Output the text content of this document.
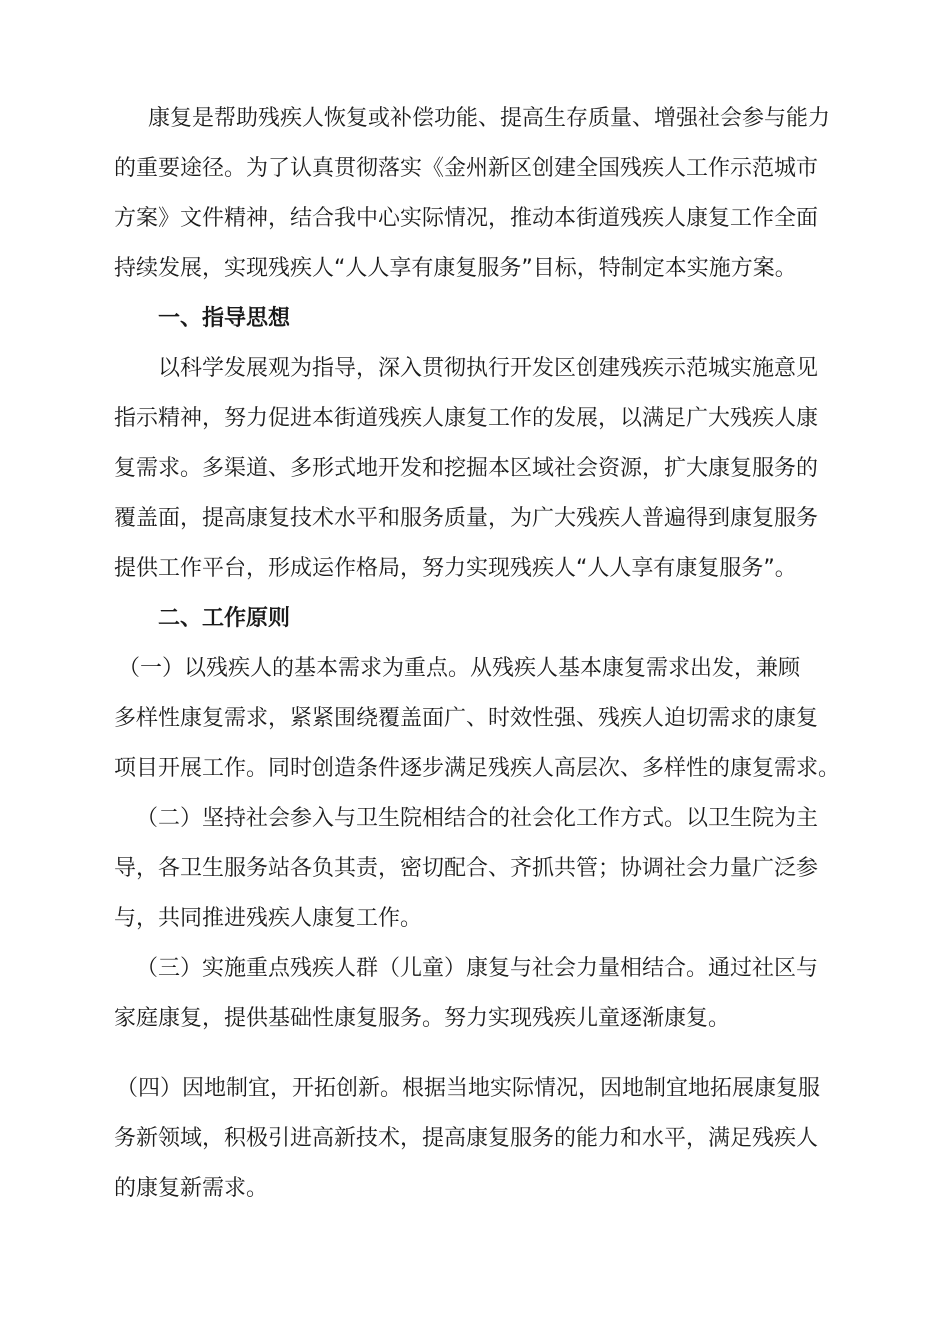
康复是帮助残疾人恢复或补偿功能、提高生存质量、增强社会参与能力
的重要途径。为了认真贯彻落实《金州新区创建全国残疾人工作示范城市
方案》文件精神，结合我中心实际情况，推动本街道残疾人康复工作全面
持续发展，实现残疾人“人人享有康复服务”目标，特制定本实施方案。
一、指导思想
以科学发展观为指导，深入贯彻执行开发区创建残疾示范城实施意见
指示精神，努力促进本街道残疾人康复工作的发展，以满足广大残疾人康
复需求。多渠道、多形式地开发和挖掘本区域社会资源，扩大康复服务的
覆盖面，提高康复技术水平和服务质量，为广大残疾人普遍得到康复服务
提供工作平台，形成运作格局，努力实现残疾人“人人享有康复服务”。
二、工作原则
（一）以残疾人的基本需求为重点。从残疾人基本康复需求出发，兼顾
多样性康复需求，紧紧围绕覆盖面广、时效性强、残疾人迫切需求的康复
项目开展工作。同时创造条件逐步满足残疾人高层次、多样性的康复需求。
（二）坚持社会参入与卫生院相结合的社会化工作方式。以卫生院为主
导，各卫生服务站各负其责，密切配合、齐抓共管；协调社会力量广泛参
与，共同推进残疾人康复工作。
（三）实施重点残疾人群（儿童）康复与社会力量相结合。通过社区与
家庭康复，提供基础性康复服务。努力实现残疾儿童逐渐康复。
（四）因地制宜，开拓创新。根据当地实际情况，因地制宜地拓展康复服
务新领域，积极引进高新技术，提高康复服务的能力和水平，满足残疾人
的康复新需求。
